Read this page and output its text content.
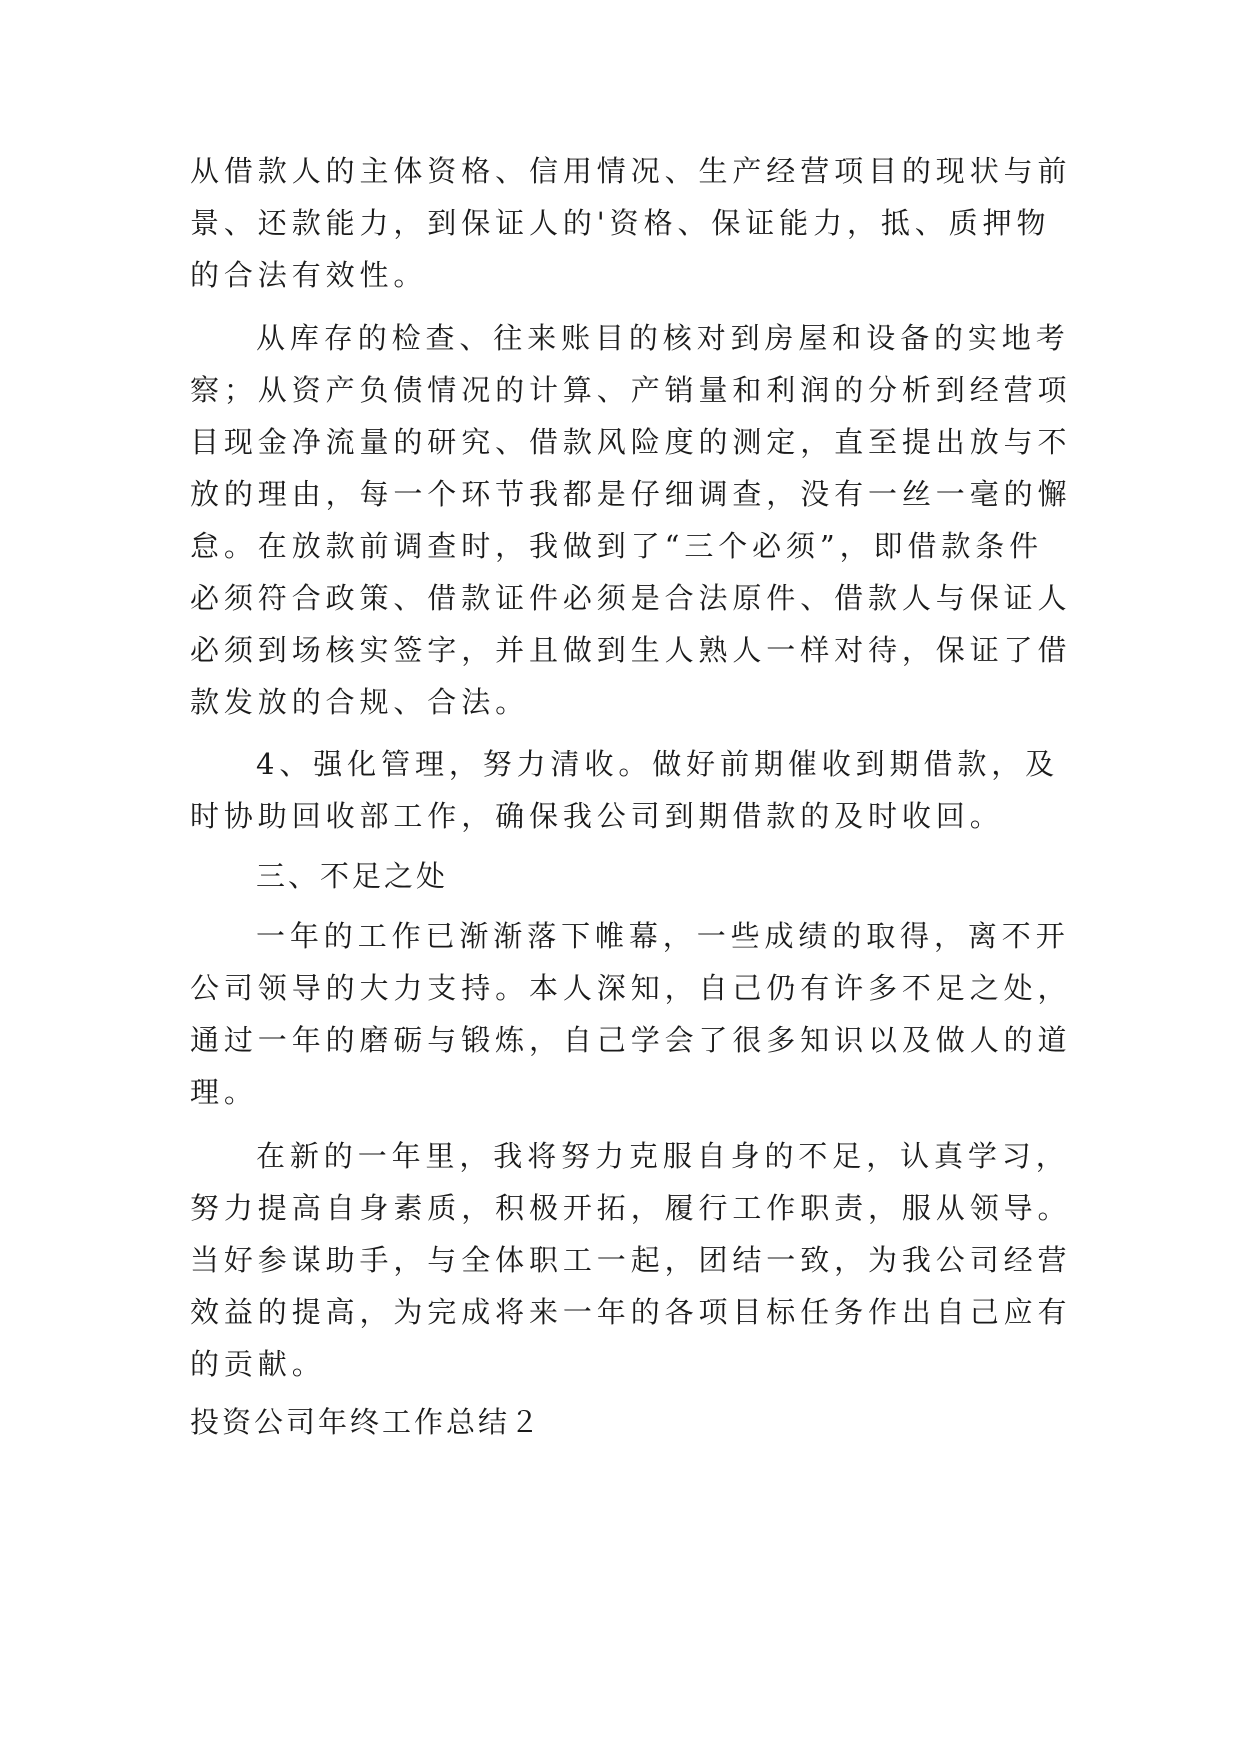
从借款人的主体资格、信用情况、生产经营项目的现状与前
景、还款能力，到保证人的'资格、保证能力，抵、质押物
的合法有效性。
从库存的检查、往来账目的核对到房屋和设备的实地考
察；从资产负债情况的计算、产销量和利润的分析到经营项
目现金净流量的研究、借款风险度的测定，直至提出放与不
放的理由，每一个环节我都是仔细调查，没有一丝一毫的懈
怠。在放款前调查时，我做到了“三个必须”，即借款条件
必须符合政策、借款证件必须是合法原件、借款人与保证人
必须到场核实签字，并且做到生人熟人一样对待，保证了借
款发放的合规、合法。
4、强化管理，努力清收。做好前期催收到期借款，及
时协助回收部工作，确保我公司到期借款的及时收回。
三、不足之处
一年的工作已渐渐落下帷幕，一些成绩的取得，离不开
公司领导的大力支持。本人深知，自己仍有许多不足之处，
通过一年的磨砺与锻炼，自己学会了很多知识以及做人的道
理。
在新的一年里，我将努力克服自身的不足，认真学习，
努力提高自身素质，积极开拓，履行工作职责，服从领导。
当好参谋助手，与全体职工一起，团结一致，为我公司经营
效益的提高，为完成将来一年的各项目标任务作出自己应有
的贡献。
投资公司年终工作总结２
